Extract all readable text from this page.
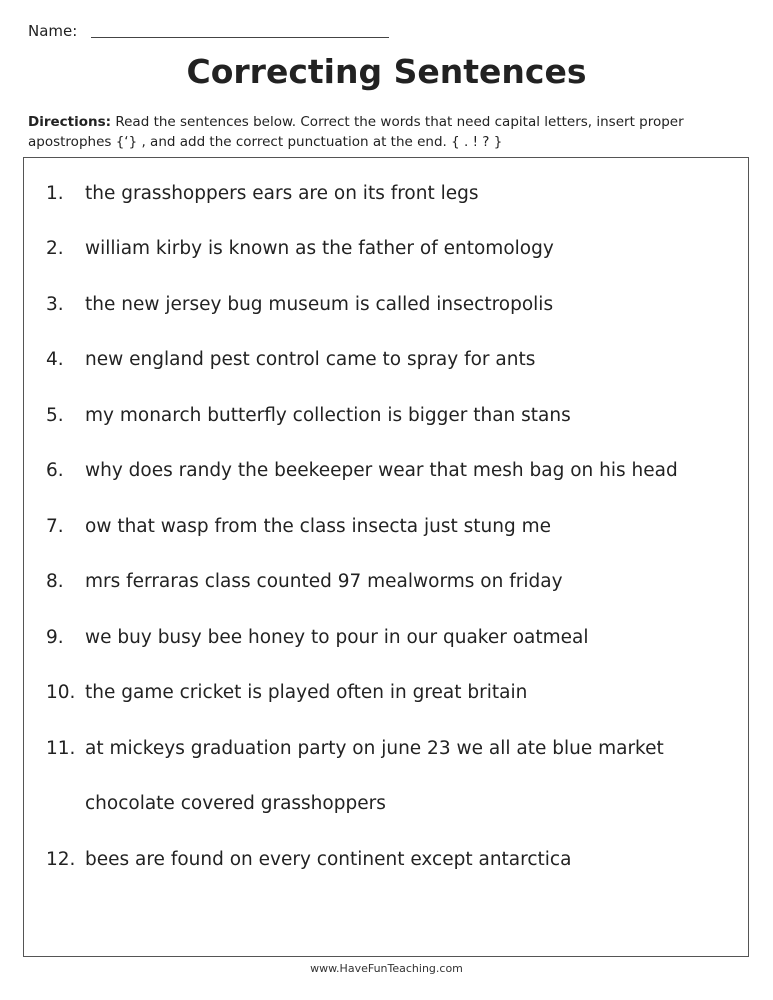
Name:
Correcting Sentences
Directions: Read the sentences below. Correct the words that need capital letters, insert proper apostrophes {‘} , and add the correct punctuation at the end. { . ! ? }
1.	the grasshoppers ears are on its front legs
2.	william kirby is known as the father of entomology
3.	the new jersey bug museum is called insectropolis
4.	new england pest control came to spray for ants
5.	my monarch butterfly collection is bigger than stans
6.	why does randy the beekeeper wear that mesh bag on his head
7.	ow that wasp from the class insecta just stung me
8.	mrs ferraras class counted 97 mealworms on friday
9.	we buy busy bee honey to pour in our quaker oatmeal
10. the game cricket is played often in great britain
11. at mickeys graduation party on june 23 we all ate blue market
chocolate covered grasshoppers
12. bees are found on every continent except antarctica
www.HaveFunTeaching.com
